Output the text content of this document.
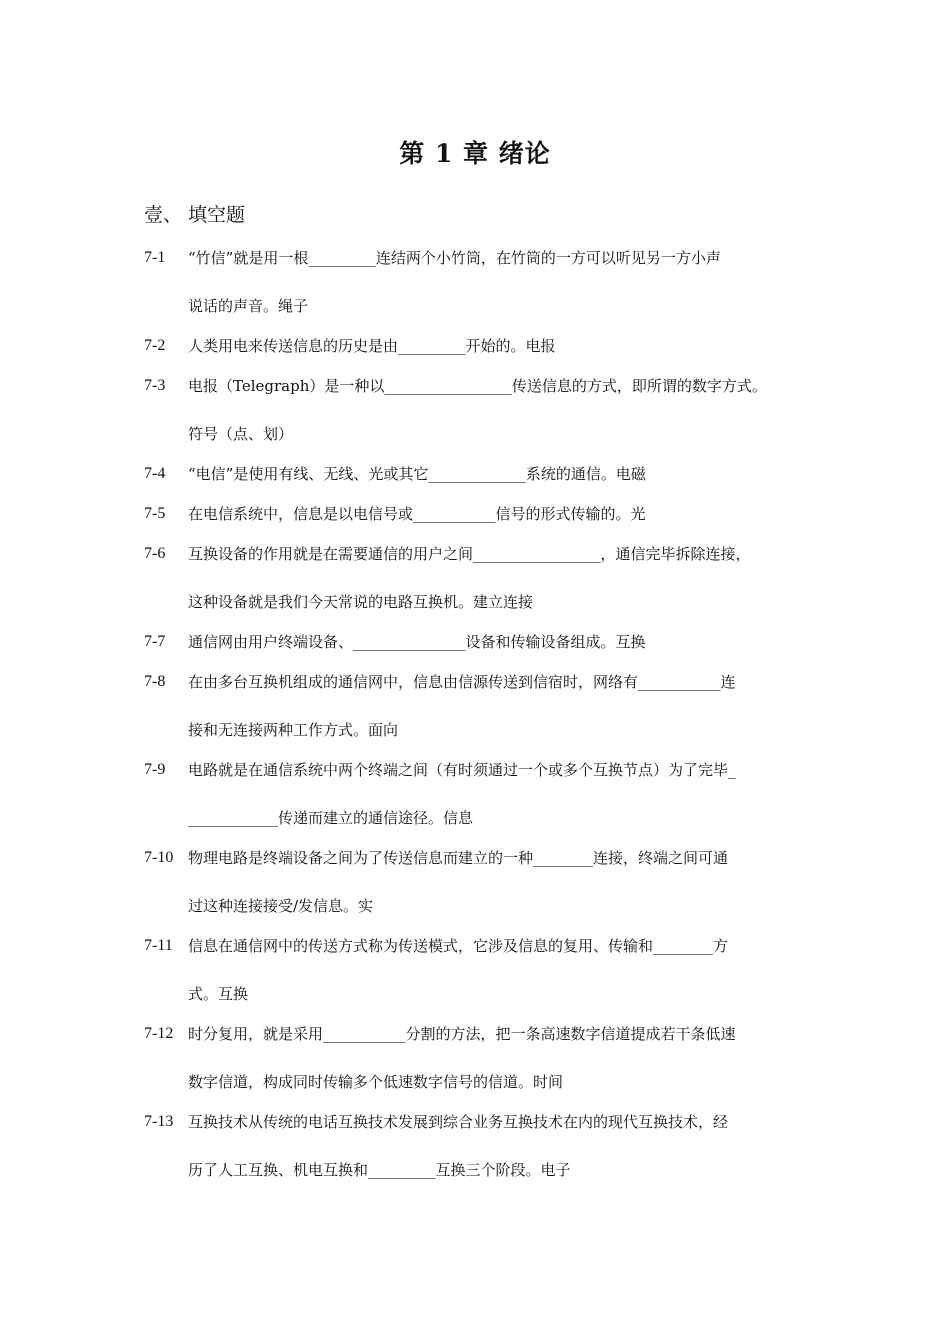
第 1 章 绪论
壹、 填空题
7-1	“竹信”就是用一根_________连结两个小竹筒，在竹筒的一方可以听见另一方小声
说话的声音。绳子
7-2	人类用电来传送信息的历史是由_________开始的。电报
7-3	电报（Telegraph）是一种以_________________传送信息的方式，即所谓的数字方式。
符号（点、划）
7-4	“电信”是使用有线、无线、光或其它_____________系统的通信。电磁
7-5	在电信系统中，信息是以电信号或___________信号的形式传输的。光
7-6	互换设备的作用就是在需要通信的用户之间_________________，通信完毕拆除连接，
这种设备就是我们今天常说的电路互换机。建立连接
7-7	通信网由用户终端设备、_______________设备和传输设备组成。互换
7-8	在由多台互换机组成的通信网中，信息由信源传送到信宿时，网络有___________连
接和无连接两种工作方式。面向
7-9	电路就是在通信系统中两个终端之间（有时须通过一个或多个互换节点）为了完毕_
____________传递而建立的通信途径。信息
7-10 物理电路是终端设备之间为了传送信息而建立的一种________连接，终端之间可通
过这种连接接受/发信息。实
7-11	信息在通信网中的传送方式称为传送模式，它涉及信息的复用、传输和________方
式。互换
7-12 时分复用，就是采用___________分割的方法，把一条高速数字信道提成若干条低速
数字信道，构成同时传输多个低速数字信号的信道。时间
7-13 互换技术从传统的电话互换技术发展到综合业务互换技术在内的现代互换技术，经
历了人工互换、机电互换和_________互换三个阶段。电子
